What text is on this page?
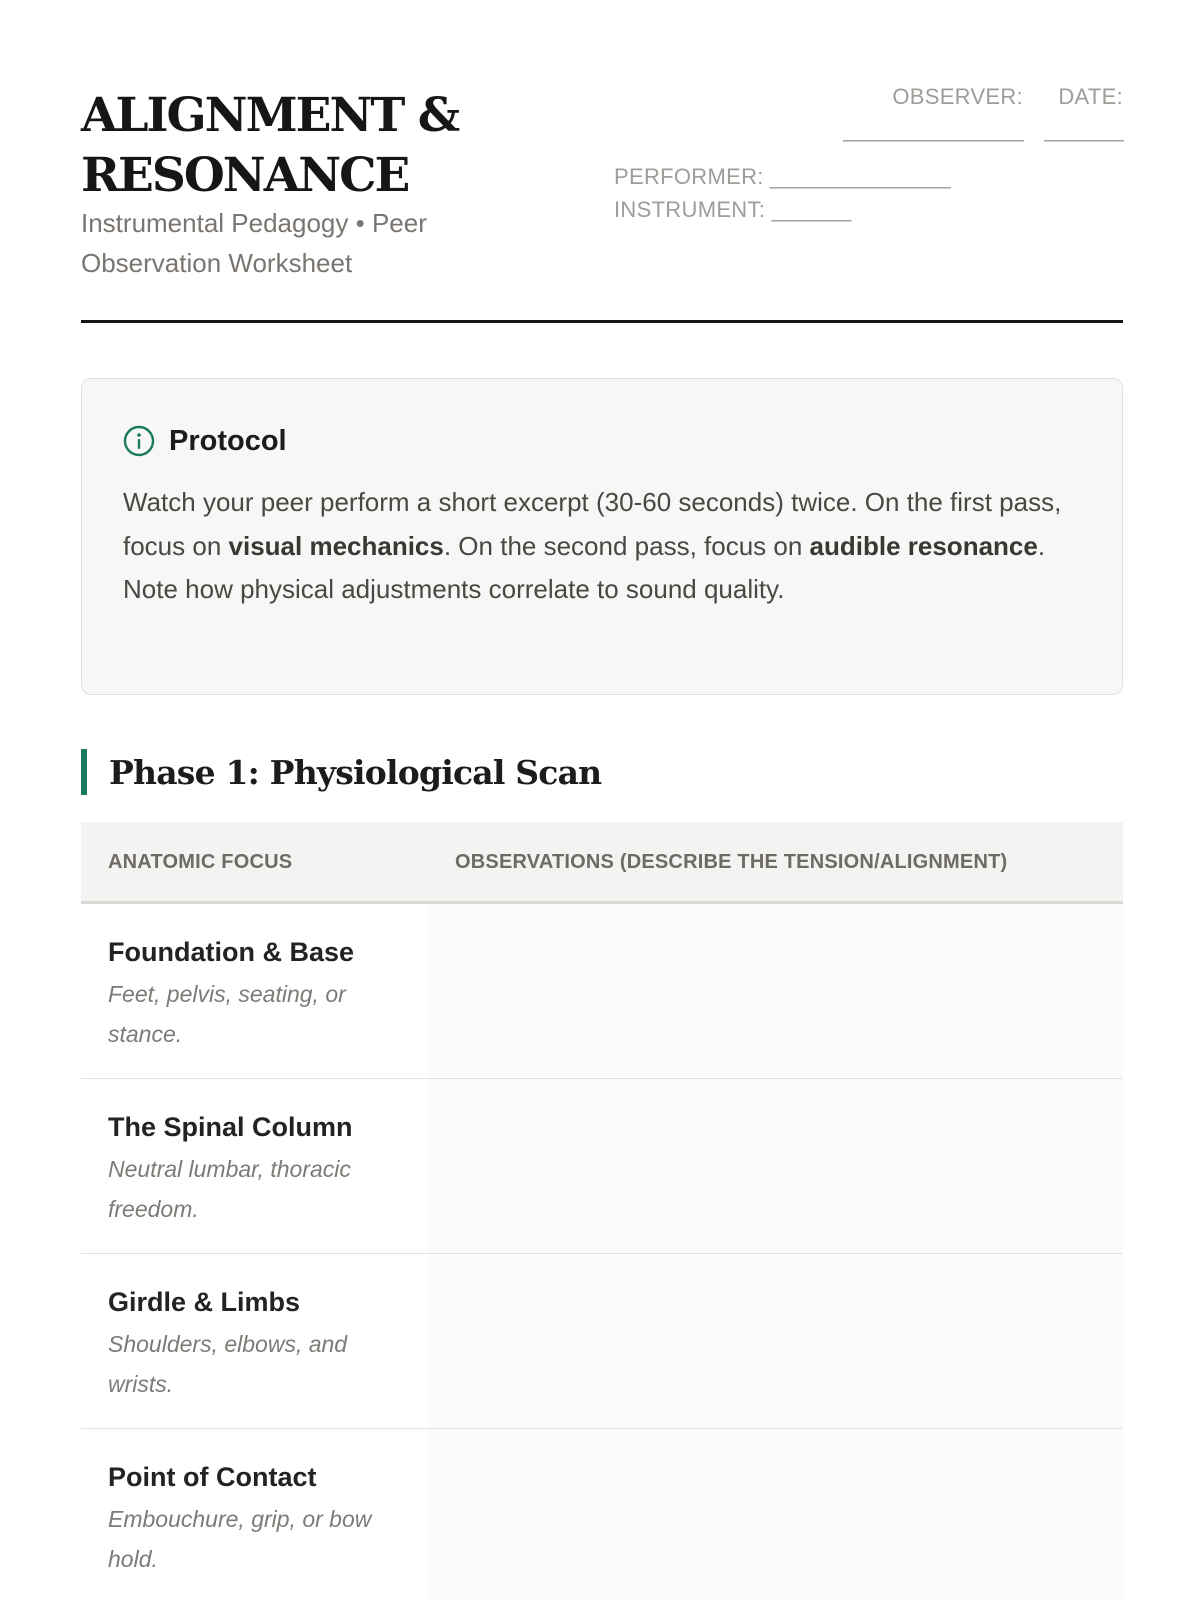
ALIGNMENT &
RESONANCE
Instrumental Pedagogy • Peer Observation Worksheet
OBSERVER:
________________
DATE:
_______
PERFORMER: ________________
INSTRUMENT: _______
Protocol

Watch your peer perform a short excerpt (30-60 seconds) twice. On the first pass, focus on visual mechanics. On the second pass, focus on audible resonance. Note how physical adjustments correlate to sound quality.

Phase 1: Physiological Scan
ANATOMIC FOCUS	OBSERVATIONS (DESCRIBE THE TENSION/ALIGNMENT)
Foundation & Base
Feet, pelvis, seating, or stance.
The Spinal Column
Neutral lumbar, thoracic freedom.
Girdle & Limbs
Shoulders, elbows, and wrists.
Point of Contact
Embouchure, grip, or bow hold.
